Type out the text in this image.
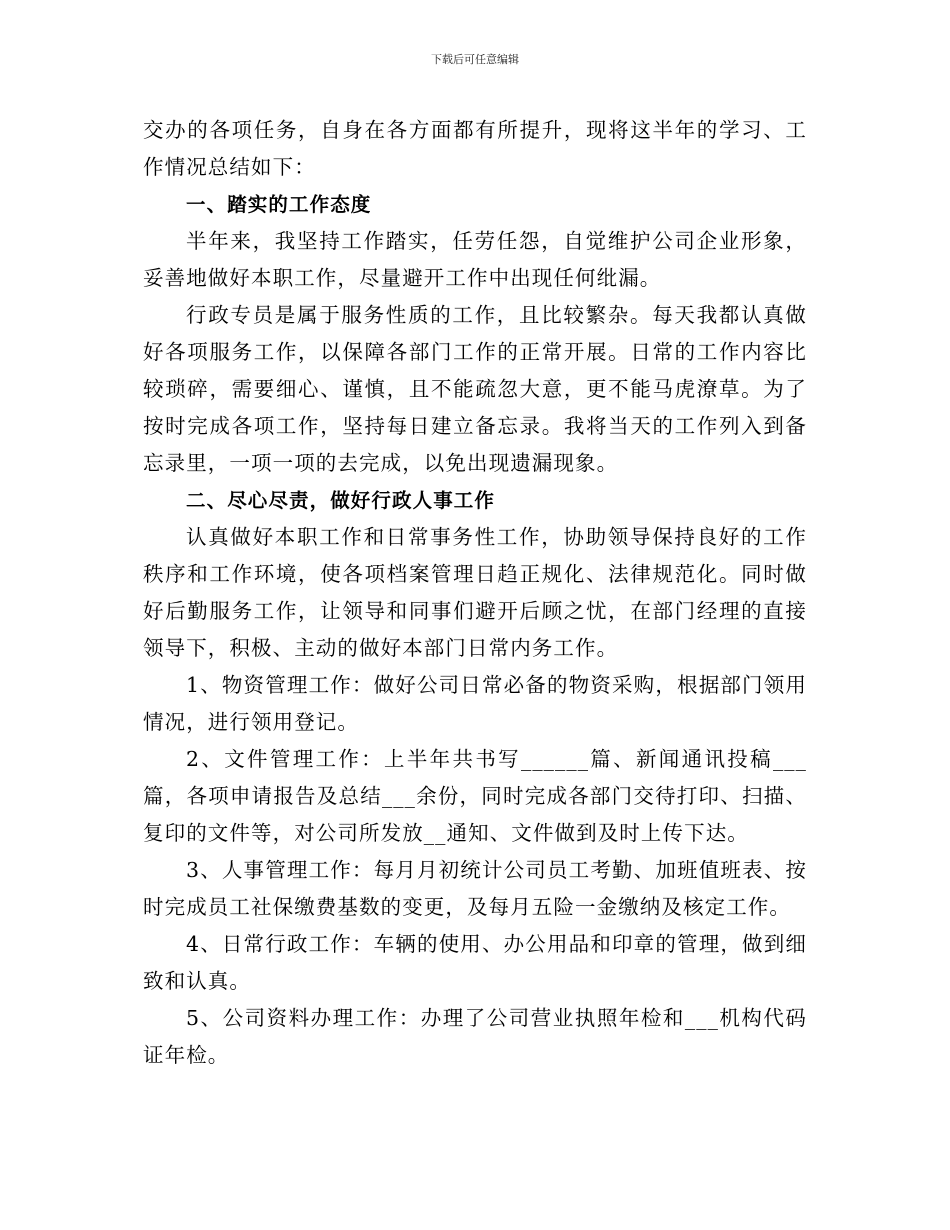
下载后可任意编辑

交办的各项任务，自身在各方面都有所提升，现将这半年的学习、工作情况总结如下：

一、踏实的工作态度

半年来，我坚持工作踏实，任劳任怨，自觉维护公司企业形象，妥善地做好本职工作，尽量避开工作中出现任何纰漏。

行政专员是属于服务性质的工作，且比较繁杂。每天我都认真做好各项服务工作，以保障各部门工作的正常开展。日常的工作内容比较琐碎，需要细心、谨慎，且不能疏忽大意，更不能马虎潦草。为了按时完成各项工作，坚持每日建立备忘录。我将当天的工作列入到备忘录里，一项一项的去完成，以免出现遗漏现象。

二、尽心尽责，做好行政人事工作

认真做好本职工作和日常事务性工作，协助领导保持良好的工作秩序和工作环境，使各项档案管理日趋正规化、法律规范化。同时做好后勤服务工作，让领导和同事们避开后顾之忧，在部门经理的直接领导下，积极、主动的做好本部门日常内务工作。

1、物资管理工作：做好公司日常必备的物资采购，根据部门领用情况，进行领用登记。

2、文件管理工作：上半年共书写______篇、新闻通讯投稿___篇，各项申请报告及总结___余份，同时完成各部门交待打印、扫描、复印的文件等，对公司所发放__通知、文件做到及时上传下达。

3、人事管理工作：每月月初统计公司员工考勤、加班值班表、按时完成员工社保缴费基数的变更，及每月五险一金缴纳及核定工作。

4、日常行政工作：车辆的使用、办公用品和印章的管理，做到细致和认真。

5、公司资料办理工作：办理了公司营业执照年检和___机构代码证年检。
